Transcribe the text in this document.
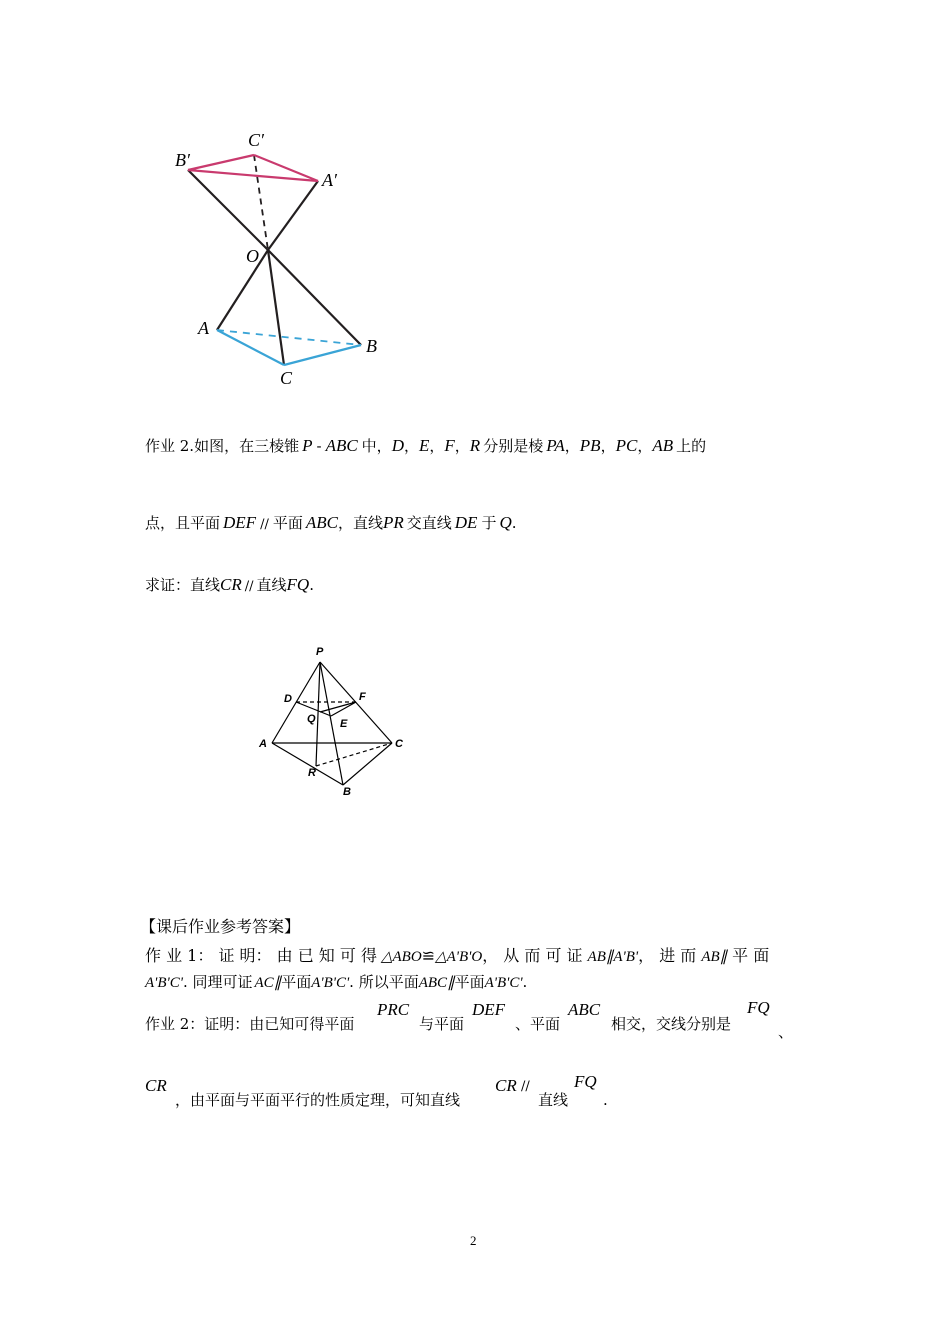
C′
B′
A′
O
A
B
C
作业 2.如图，在三棱锥 P - ABC 中，D，E，F，R 分别是棱 PA，PB，PC，AB 上的
点，且平面 DEF // 平面 ABC，直线PR 交直线 DE 于 Q.
求证：直线CR // 直线FQ.
P
D	F
Q E
A	C
R
B
【课后作业参考答案】
作 业 1： 证 明： 由 已 知 可 得 △ABO≌△A'B'O， 从 而 可 证 AB∥A'B'， 进 而 AB∥ 平 面
A'B'C'. 同理可证 AC∥平面A'B'C'. 所以平面ABC∥平面A'B'C'.
作业 2：证明：由已知可得平面
PRC
与平面
DEF
、平面
ABC
相交，交线分别是
FQ
、
CR
，由平面与平面平行的性质定理，可知直线
CR //
直线
FQ
.
2
